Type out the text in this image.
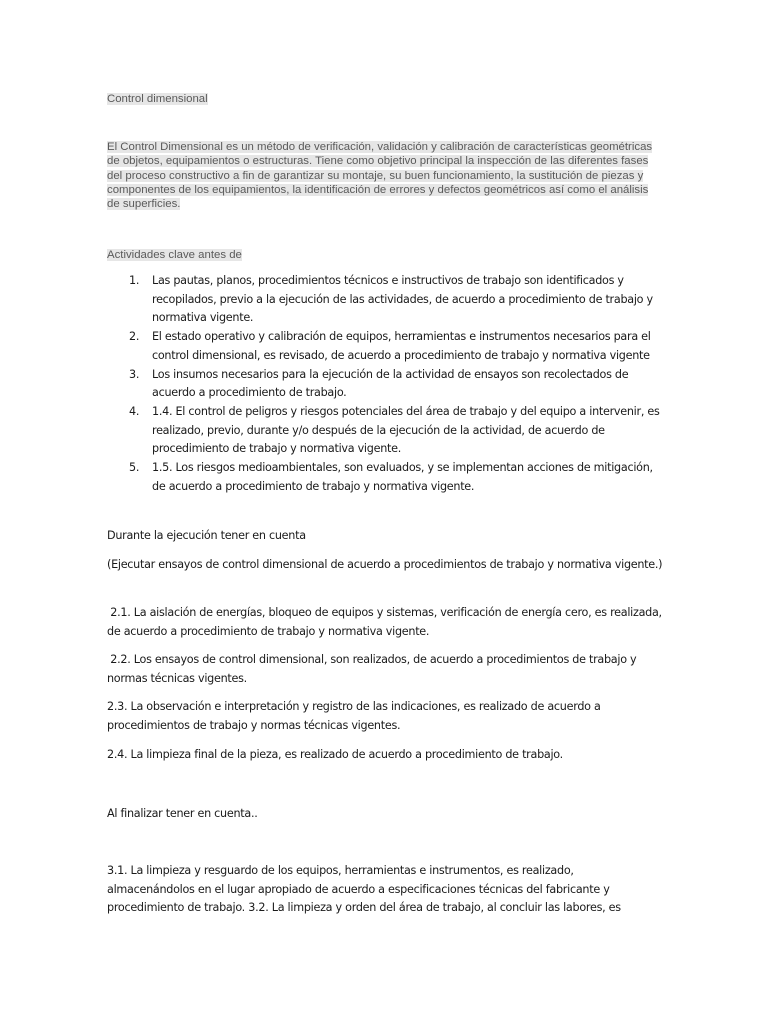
Control dimensional
El Control Dimensional es un método de verificación, validación y calibración de características geométricas de objetos, equipamientos o estructuras. Tiene como objetivo principal la inspección de las diferentes fases del proceso constructivo a fin de garantizar su montaje, su buen funcionamiento, la sustitución de piezas y componentes de los equipamientos, la identificación de errores y defectos geométricos así como el análisis de superficies.
Actividades clave antes de
1. Las pautas, planos, procedimientos técnicos e instructivos de trabajo son identificados y recopilados, previo a la ejecución de las actividades, de acuerdo a procedimiento de trabajo y normativa vigente.
2. El estado operativo y calibración de equipos, herramientas e instrumentos necesarios para el control dimensional, es revisado, de acuerdo a procedimiento de trabajo y normativa vigente
3. Los insumos necesarios para la ejecución de la actividad de ensayos son recolectados de acuerdo a procedimiento de trabajo.
4. 1.4. El control de peligros y riesgos potenciales del área de trabajo y del equipo a intervenir, es realizado, previo, durante y/o después de la ejecución de la actividad, de acuerdo de procedimiento de trabajo y normativa vigente.
5. 1.5. Los riesgos medioambientales, son evaluados, y se implementan acciones de mitigación, de acuerdo a procedimiento de trabajo y normativa vigente.

Durante la ejecución tener en cuenta

(Ejecutar ensayos de control dimensional de acuerdo a procedimientos de trabajo y normativa vigente.)

2.1. La aislación de energías, bloqueo de equipos y sistemas, verificación de energía cero, es realizada, de acuerdo a procedimiento de trabajo y normativa vigente.

2.2. Los ensayos de control dimensional, son realizados, de acuerdo a procedimientos de trabajo y normas técnicas vigentes.

2.3. La observación e interpretación y registro de las indicaciones, es realizado de acuerdo a procedimientos de trabajo y normas técnicas vigentes.

2.4. La limpieza final de la pieza, es realizado de acuerdo a procedimiento de trabajo.

Al finalizar tener en cuenta..

3.1. La limpieza y resguardo de los equipos, herramientas e instrumentos, es realizado, almacenándolos en el lugar apropiado de acuerdo a especificaciones técnicas del fabricante y procedimiento de trabajo. 3.2. La limpieza y orden del área de trabajo, al concluir las labores, es
